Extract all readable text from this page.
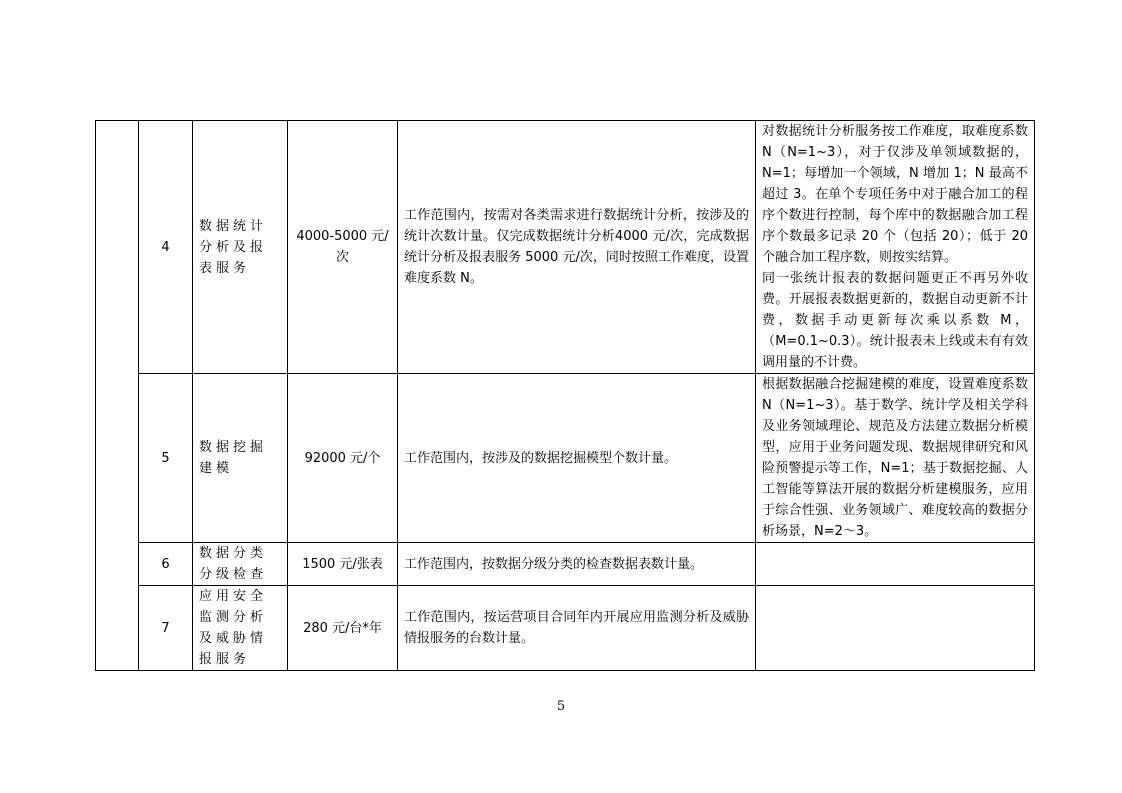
	4	数据统计分析及报表服务	4000-5000 元/次	工作范围内，按需对各类需求进行数据统计分析，按涉及的统计次数计量。仅完成数据统计分析4000 元/次，完成数据统计分析及报表服务 5000 元/次，同时按照工作难度，设置难度系数 N。	对数据统计分析服务按工作难度，取难度系数 N（N=1~3），对于仅涉及单领域数据的，N=1；每增加一个领域，N 增加 1；N 最高不超过 3。在单个专项任务中对于融合加工的程序个数进行控制，每个库中的数据融合加工程序个数最多记录 20 个（包括 20）；低于 20 个融合加工程序数，则按实结算。
同一张统计报表的数据问题更正不再另外收费。开展报表数据更新的，数据自动更新不计费，数据手动更新每次乘以系数 M，（M=0.1~0.3）。统计报表未上线或未有有效调用量的不计费。

	5	数据挖掘建模	92000 元/个	工作范围内，按涉及的数据挖掘模型个数计量。	根据数据融合挖掘建模的难度，设置难度系数 N（N=1~3）。基于数学、统计学及相关学科及业务领域理论、规范及方法建立数据分析模型，应用于业务问题发现、数据规律研究和风险预警提示等工作，N=1；基于数据挖掘、人工智能等算法开展的数据分析建模服务，应用于综合性强、业务领域广、难度较高的数据分析场景，N=2～3。

	6	数据分类分级检查	1500 元/张表	工作范围内，按数据分级分类的检查数据表数计量。	
	7	应用安全监测分析及威胁情报服务	280 元/台*年	工作范围内，按运营项目合同年内开展应用监测分析及威胁情报服务的台数计量。	
5
